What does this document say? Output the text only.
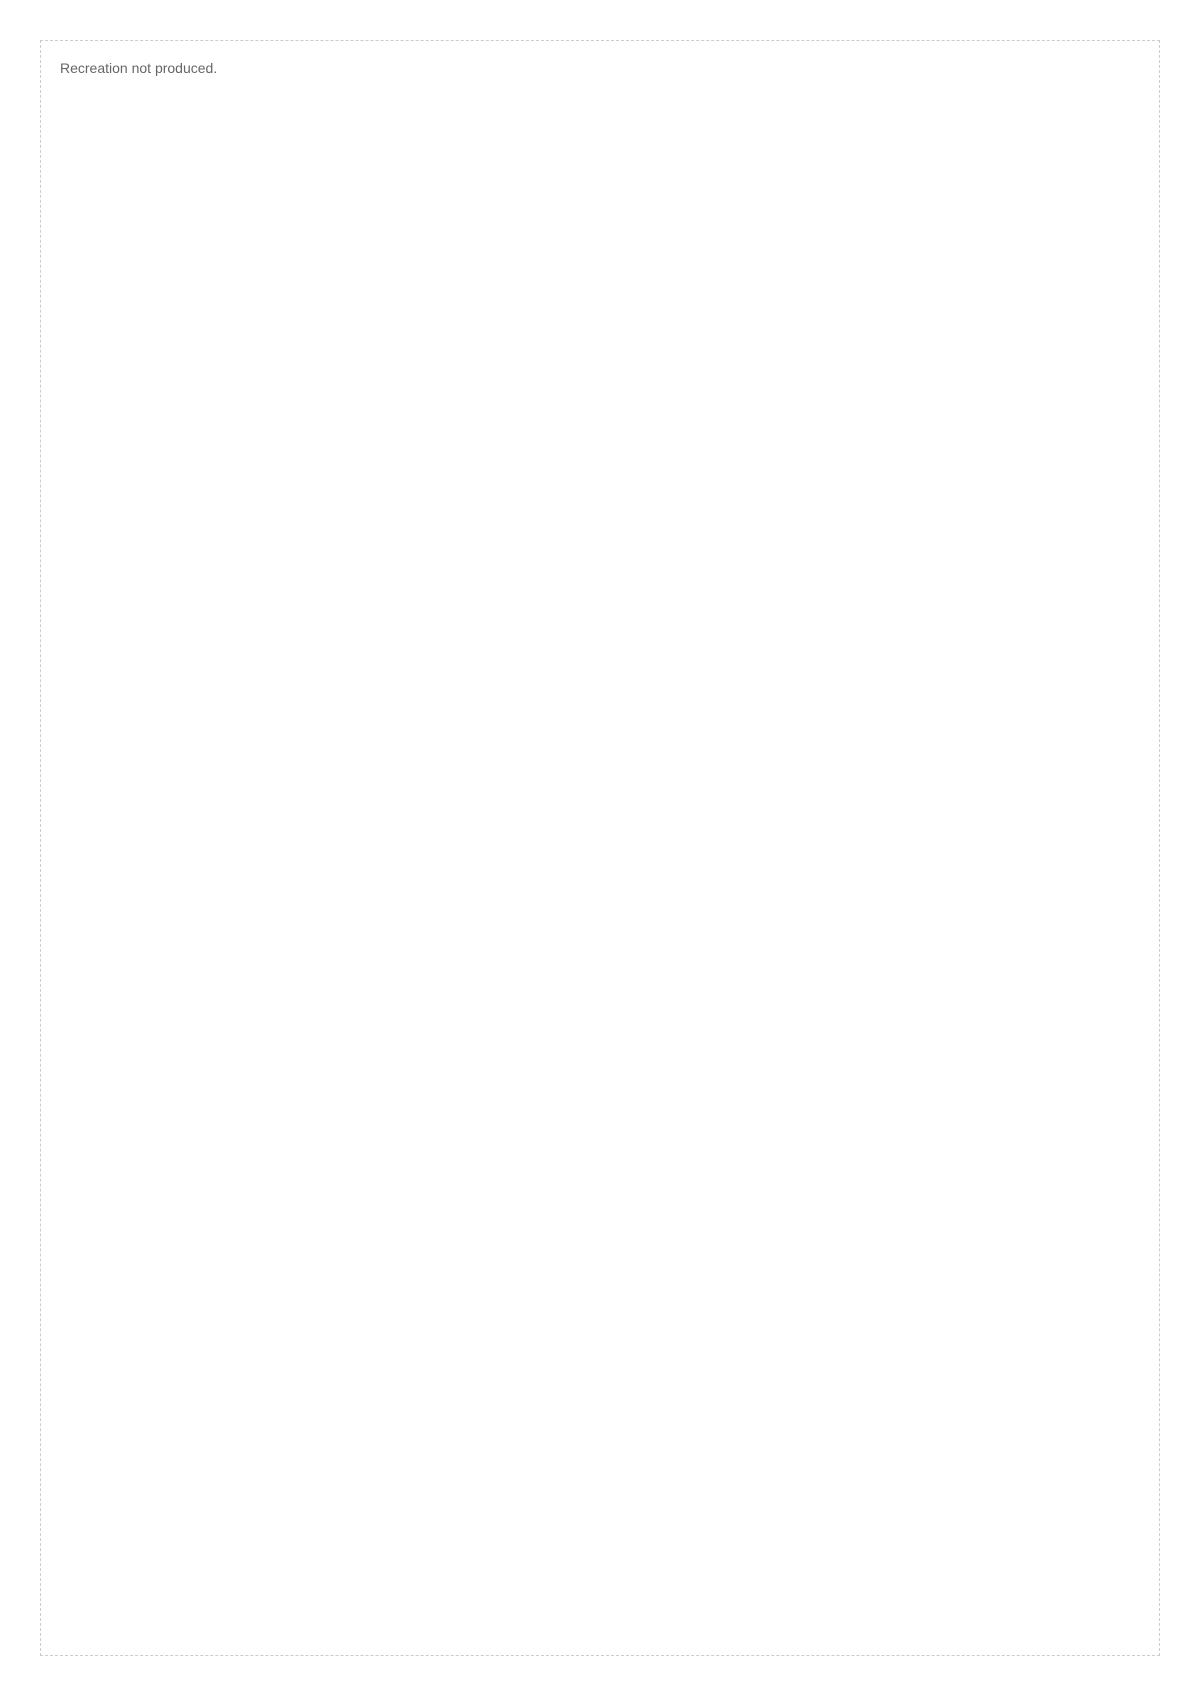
Recreation not produced.
